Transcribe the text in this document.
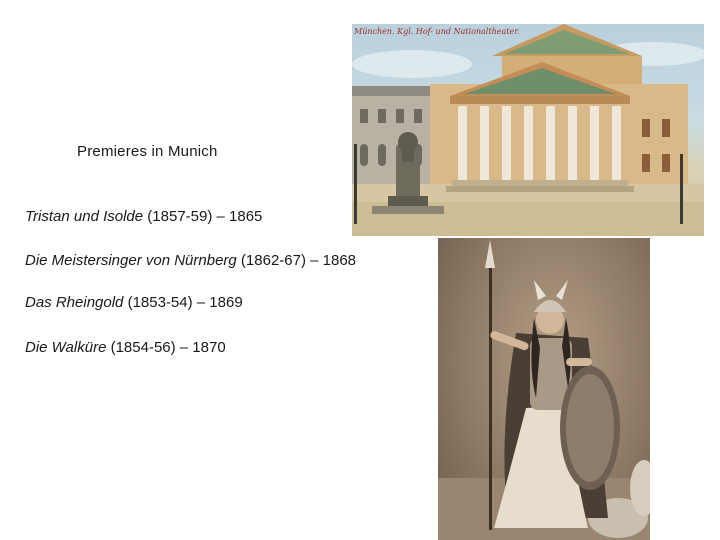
Premieres in Munich
Tristan und Isolde (1857-59) – 1865
Die Meistersinger von Nürnberg (1862-67) – 1868
Das Rheingold (1853-54) – 1869
Die Walküre (1854-56) – 1870
München. Kgl. Hof- und Nationaltheater.
